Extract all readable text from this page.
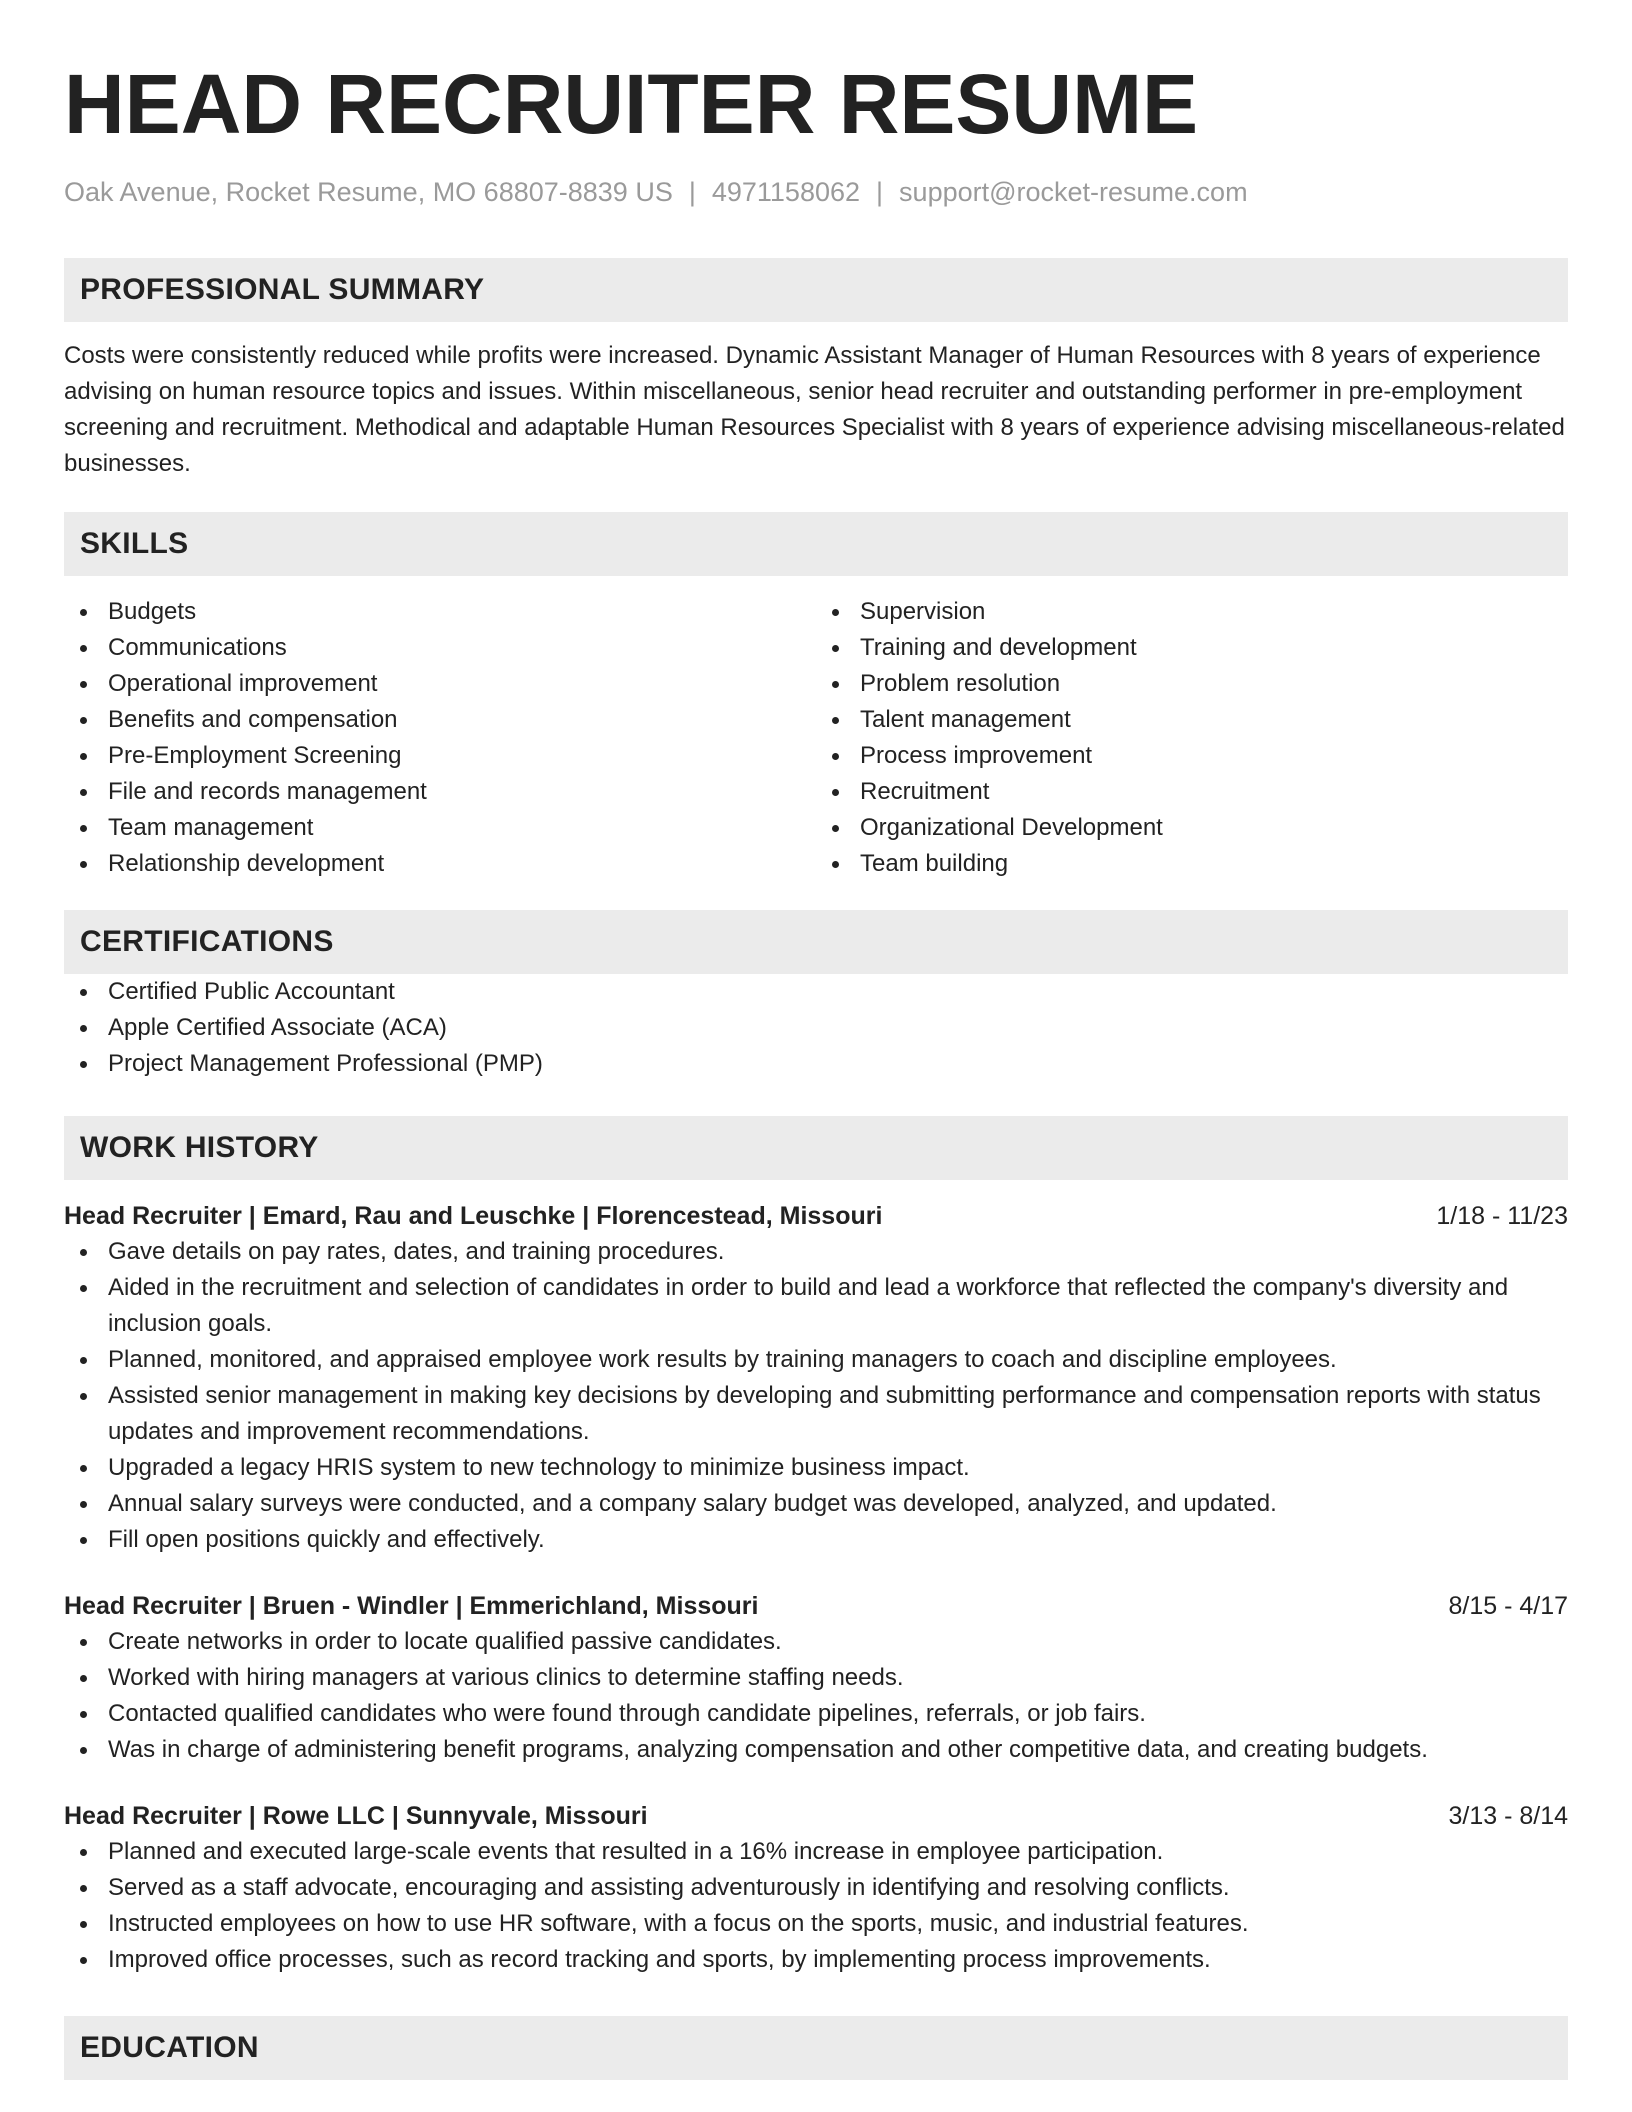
HEAD RECRUITER RESUME
Oak Avenue, Rocket Resume, MO 68807-8839 US | 4971158062 | support@rocket-resume.com
PROFESSIONAL SUMMARY

Costs were consistently reduced while profits were increased. Dynamic Assistant Manager of Human Resources with 8 years of experience advising on human resource topics and issues. Within miscellaneous, senior head recruiter and outstanding performer in pre-employment screening and recruitment. Methodical and adaptable Human Resources Specialist with 8 years of experience advising miscellaneous-related businesses.

SKILLS
Budgets
Communications
Operational improvement
Benefits and compensation
Pre-Employment Screening
File and records management
Team management
Relationship development
Supervision
Training and development
Problem resolution
Talent management
Process improvement
Recruitment
Organizational Development
Team building
CERTIFICATIONS
Certified Public Accountant
Apple Certified Associate (ACA)
Project Management Professional (PMP)
WORK HISTORY
Head Recruiter | Emard, Rau and Leuschke | Florencestead, Missouri	1/18 - 11/23
Gave details on pay rates, dates, and training procedures.
Aided in the recruitment and selection of candidates in order to build and lead a workforce that reflected the company's diversity and inclusion goals.
Planned, monitored, and appraised employee work results by training managers to coach and discipline employees.
Assisted senior management in making key decisions by developing and submitting performance and compensation reports with status updates and improvement recommendations.
Upgraded a legacy HRIS system to new technology to minimize business impact.
Annual salary surveys were conducted, and a company salary budget was developed, analyzed, and updated.
Fill open positions quickly and effectively.
Head Recruiter | Bruen - Windler | Emmerichland, Missouri	8/15 - 4/17
Create networks in order to locate qualified passive candidates.
Worked with hiring managers at various clinics to determine staffing needs.
Contacted qualified candidates who were found through candidate pipelines, referrals, or job fairs.
Was in charge of administering benefit programs, analyzing compensation and other competitive data, and creating budgets.
Head Recruiter | Rowe LLC | Sunnyvale, Missouri	3/13 - 8/14
Planned and executed large-scale events that resulted in a 16% increase in employee participation.
Served as a staff advocate, encouraging and assisting adventurously in identifying and resolving conflicts.
Instructed employees on how to use HR software, with a focus on the sports, music, and industrial features.
Improved office processes, such as record tracking and sports, by implementing process improvements.
EDUCATION
